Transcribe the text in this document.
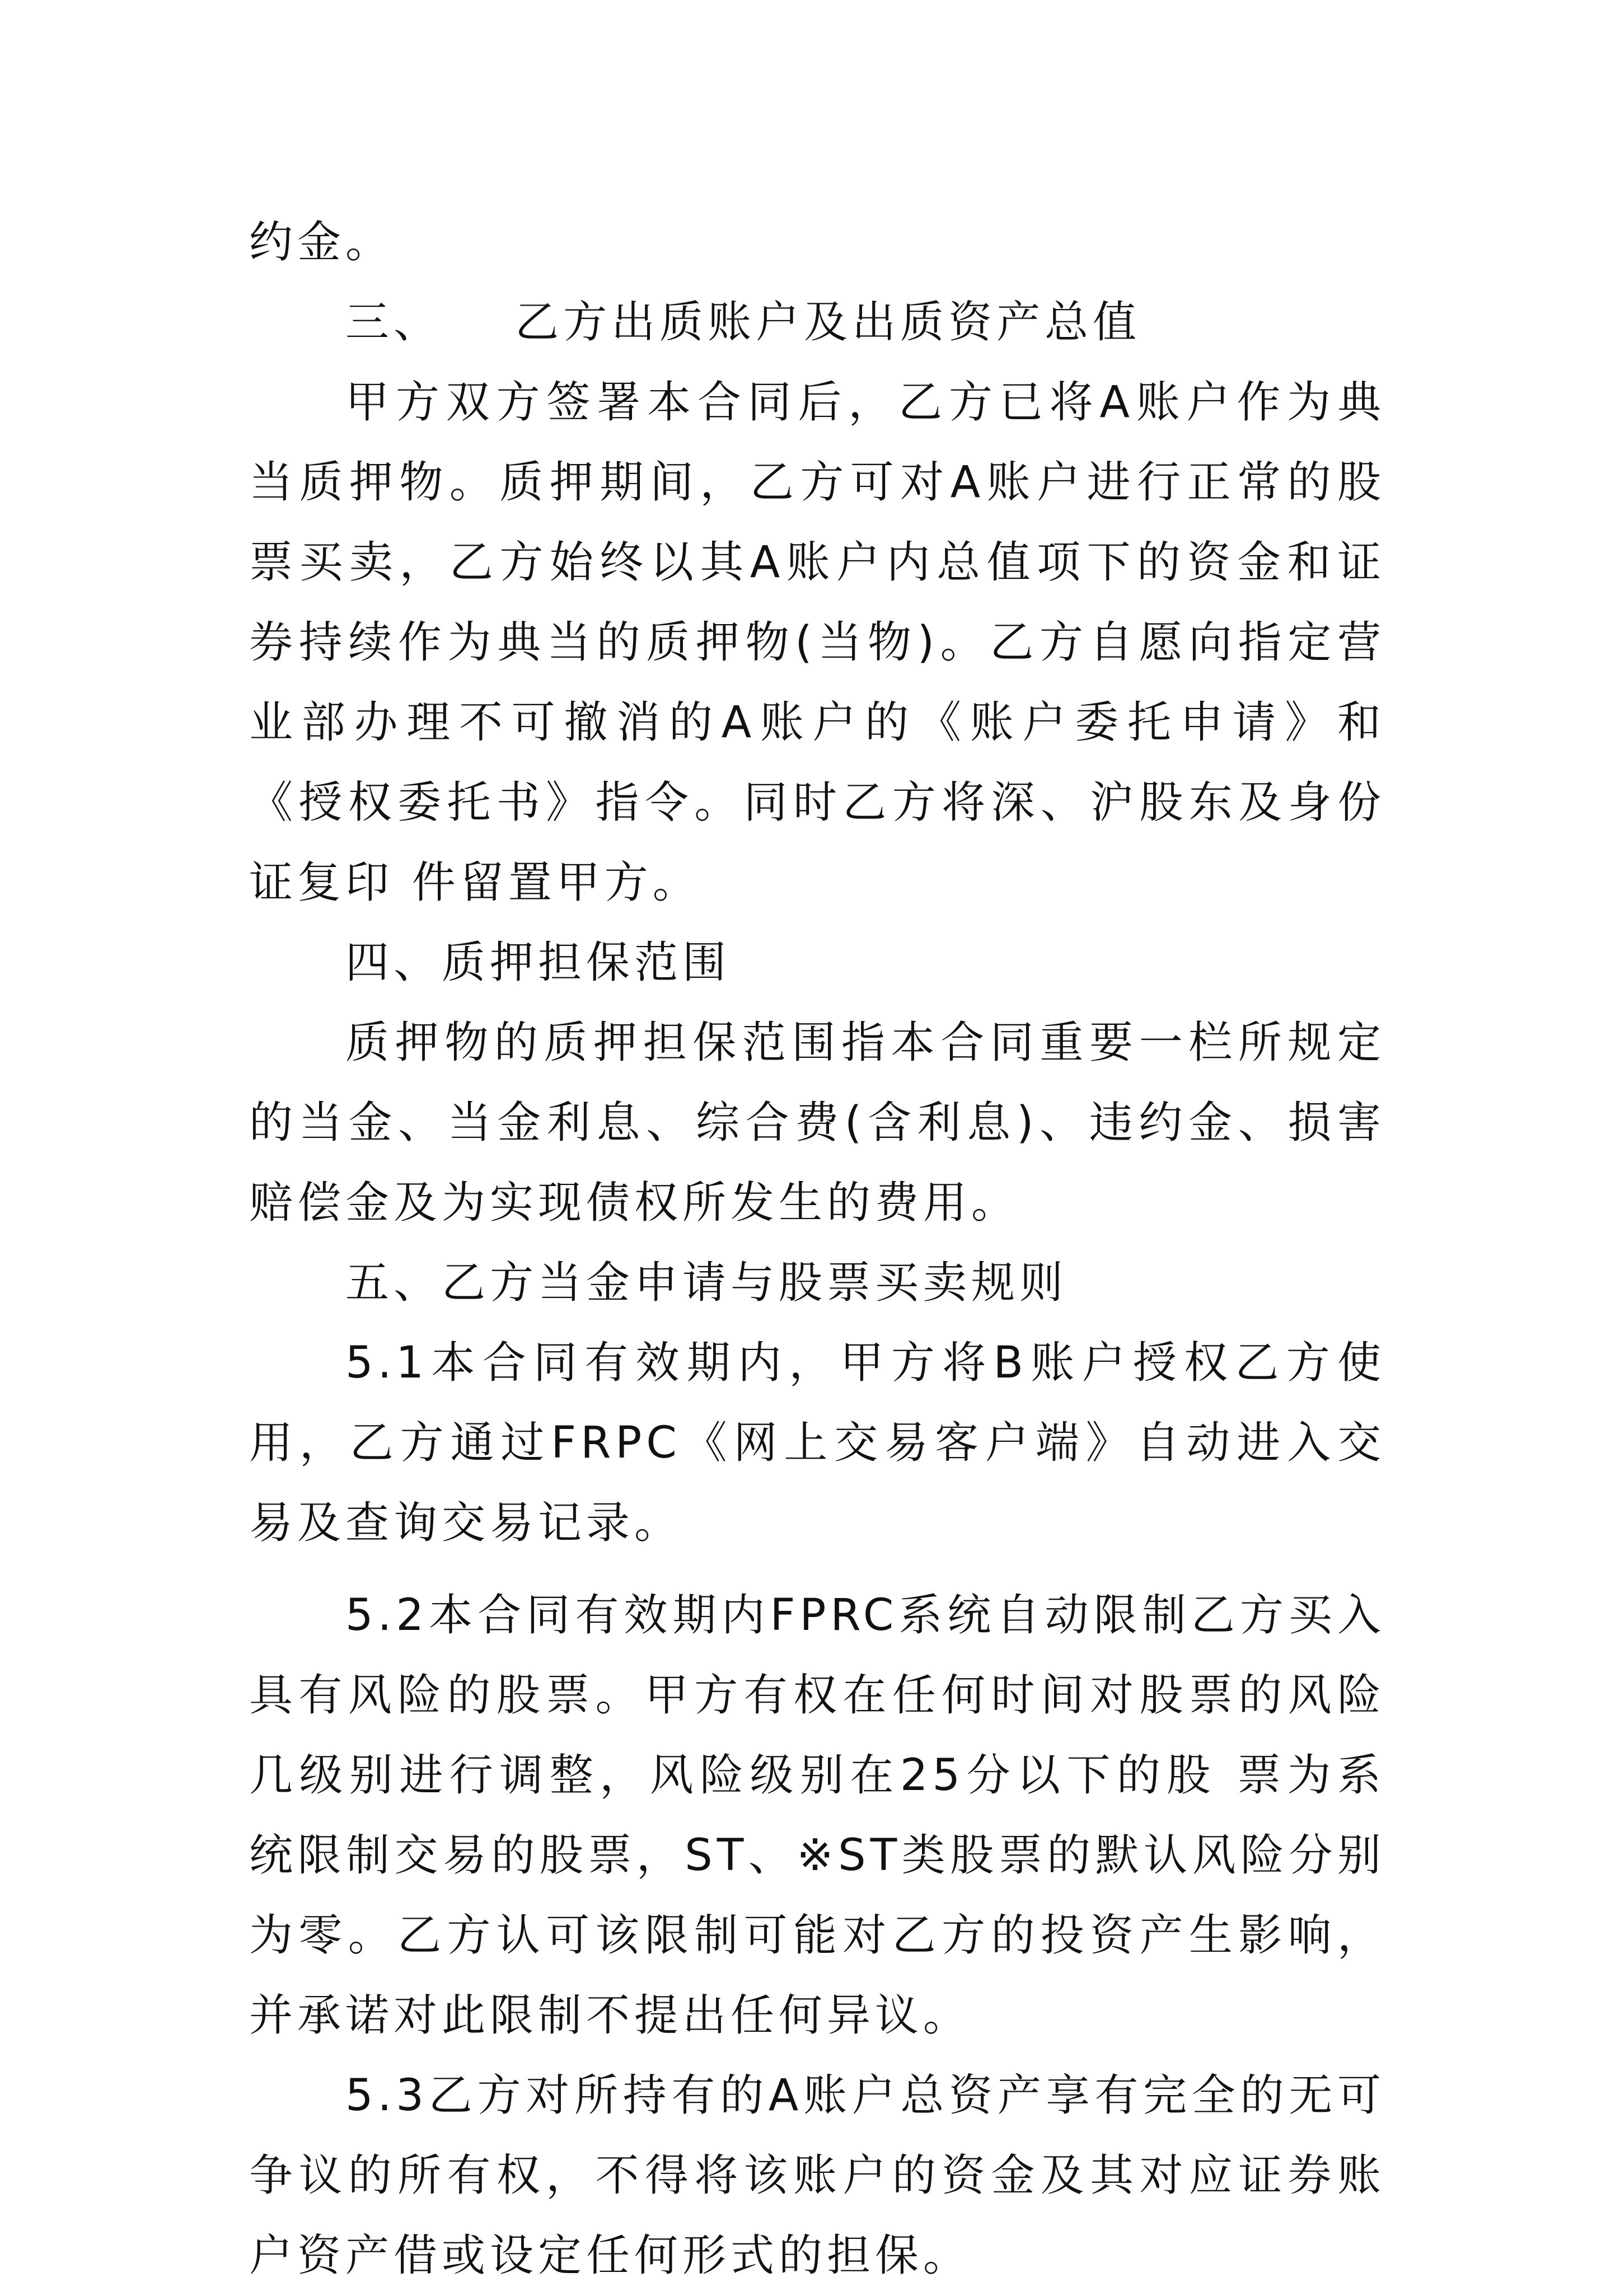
约金。

三、    乙方出质账户及出质资产总值

甲方双方签署本合同后，乙方已将A账户作为典当质押物。质押期间，乙方可对A账户进行正常的股票买卖，乙方始终以其A账户内总值项下的资金和证 券持续作为典当的质押物(当物)。乙方自愿向指定营业部办理不可撤消的A账户的《账户委托申请》和《授权委托书》指令。同时乙方将深、沪股东及身份证复印 件留置甲方。

四、质押担保范围

质押物的质押担保范围指本合同重要一栏所规定的当金、当金利息、综合费(含利息)、违约金、损害赔偿金及为实现债权所发生的费用。

五、乙方当金申请与股票买卖规则

5.1本合同有效期内，甲方将B账户授权乙方使用，乙方通过FRPC《网上交易客户端》自动进入交易及查询交易记录。

5.2本合同有效期内FPRC系统自动限制乙方买入具有风险的股票。甲方有权在任何时间对股票的风险几级别进行调整，风险级别在25分以下的股 票为系统限制交易的股票，ST、※ST类股票的默认风险分别为零。乙方认可该限制可能对乙方的投资产生影响，并承诺对此限制不提出任何异议。

5.3乙方对所持有的A账户总资产享有完全的无可争议的所有权，不得将该账户的资金及其对应证券账户资产借或设定任何形式的担保。
